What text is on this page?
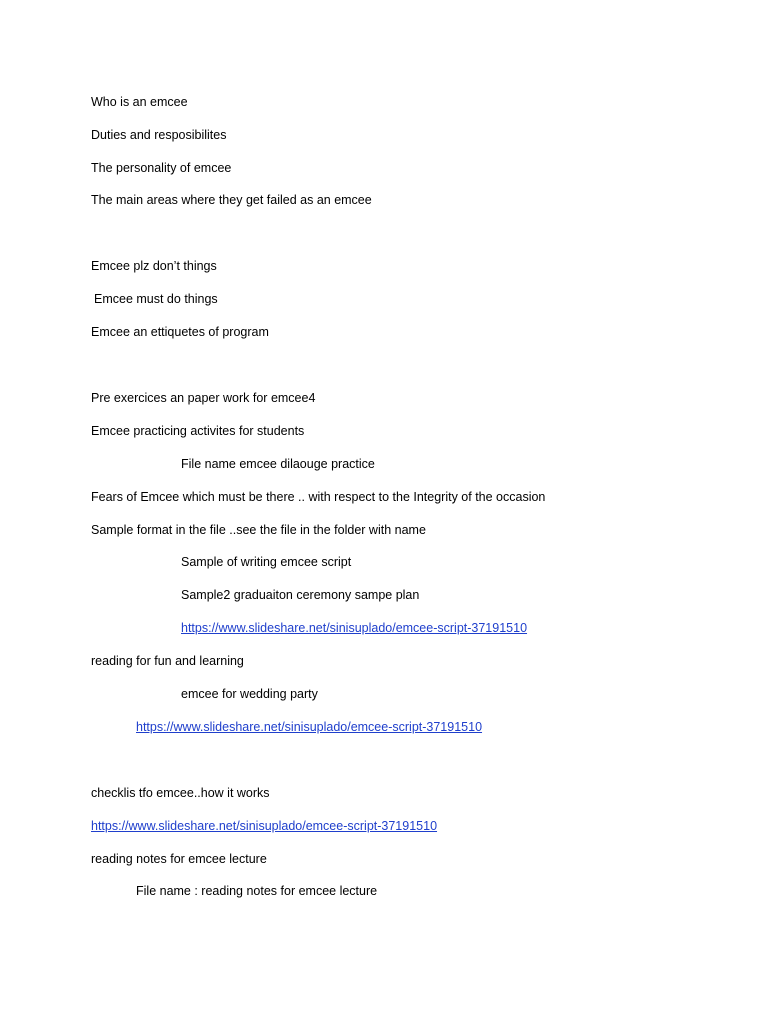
Who is an emcee
Duties and resposibilites
The personality of emcee
The main areas where they get failed as an emcee
Emcee plz don’t things
Emcee must do things
Emcee an ettiquetes of program
Pre exercices an paper work for emcee4
Emcee practicing activites for students
File name emcee dilaouge practice
Fears of Emcee which must be there .. with respect to the Integrity of the occasion
Sample format in the file ..see the file in the folder with name
Sample of writing emcee script
Sample2 graduaiton ceremony sampe plan
https://www.slideshare.net/sinisuplado/emcee-script-37191510
reading for fun and learning
emcee for wedding party
https://www.slideshare.net/sinisuplado/emcee-script-37191510
checklis tfo emcee..how it works
https://www.slideshare.net/sinisuplado/emcee-script-37191510
reading notes for emcee lecture
File name : reading notes for emcee lecture
